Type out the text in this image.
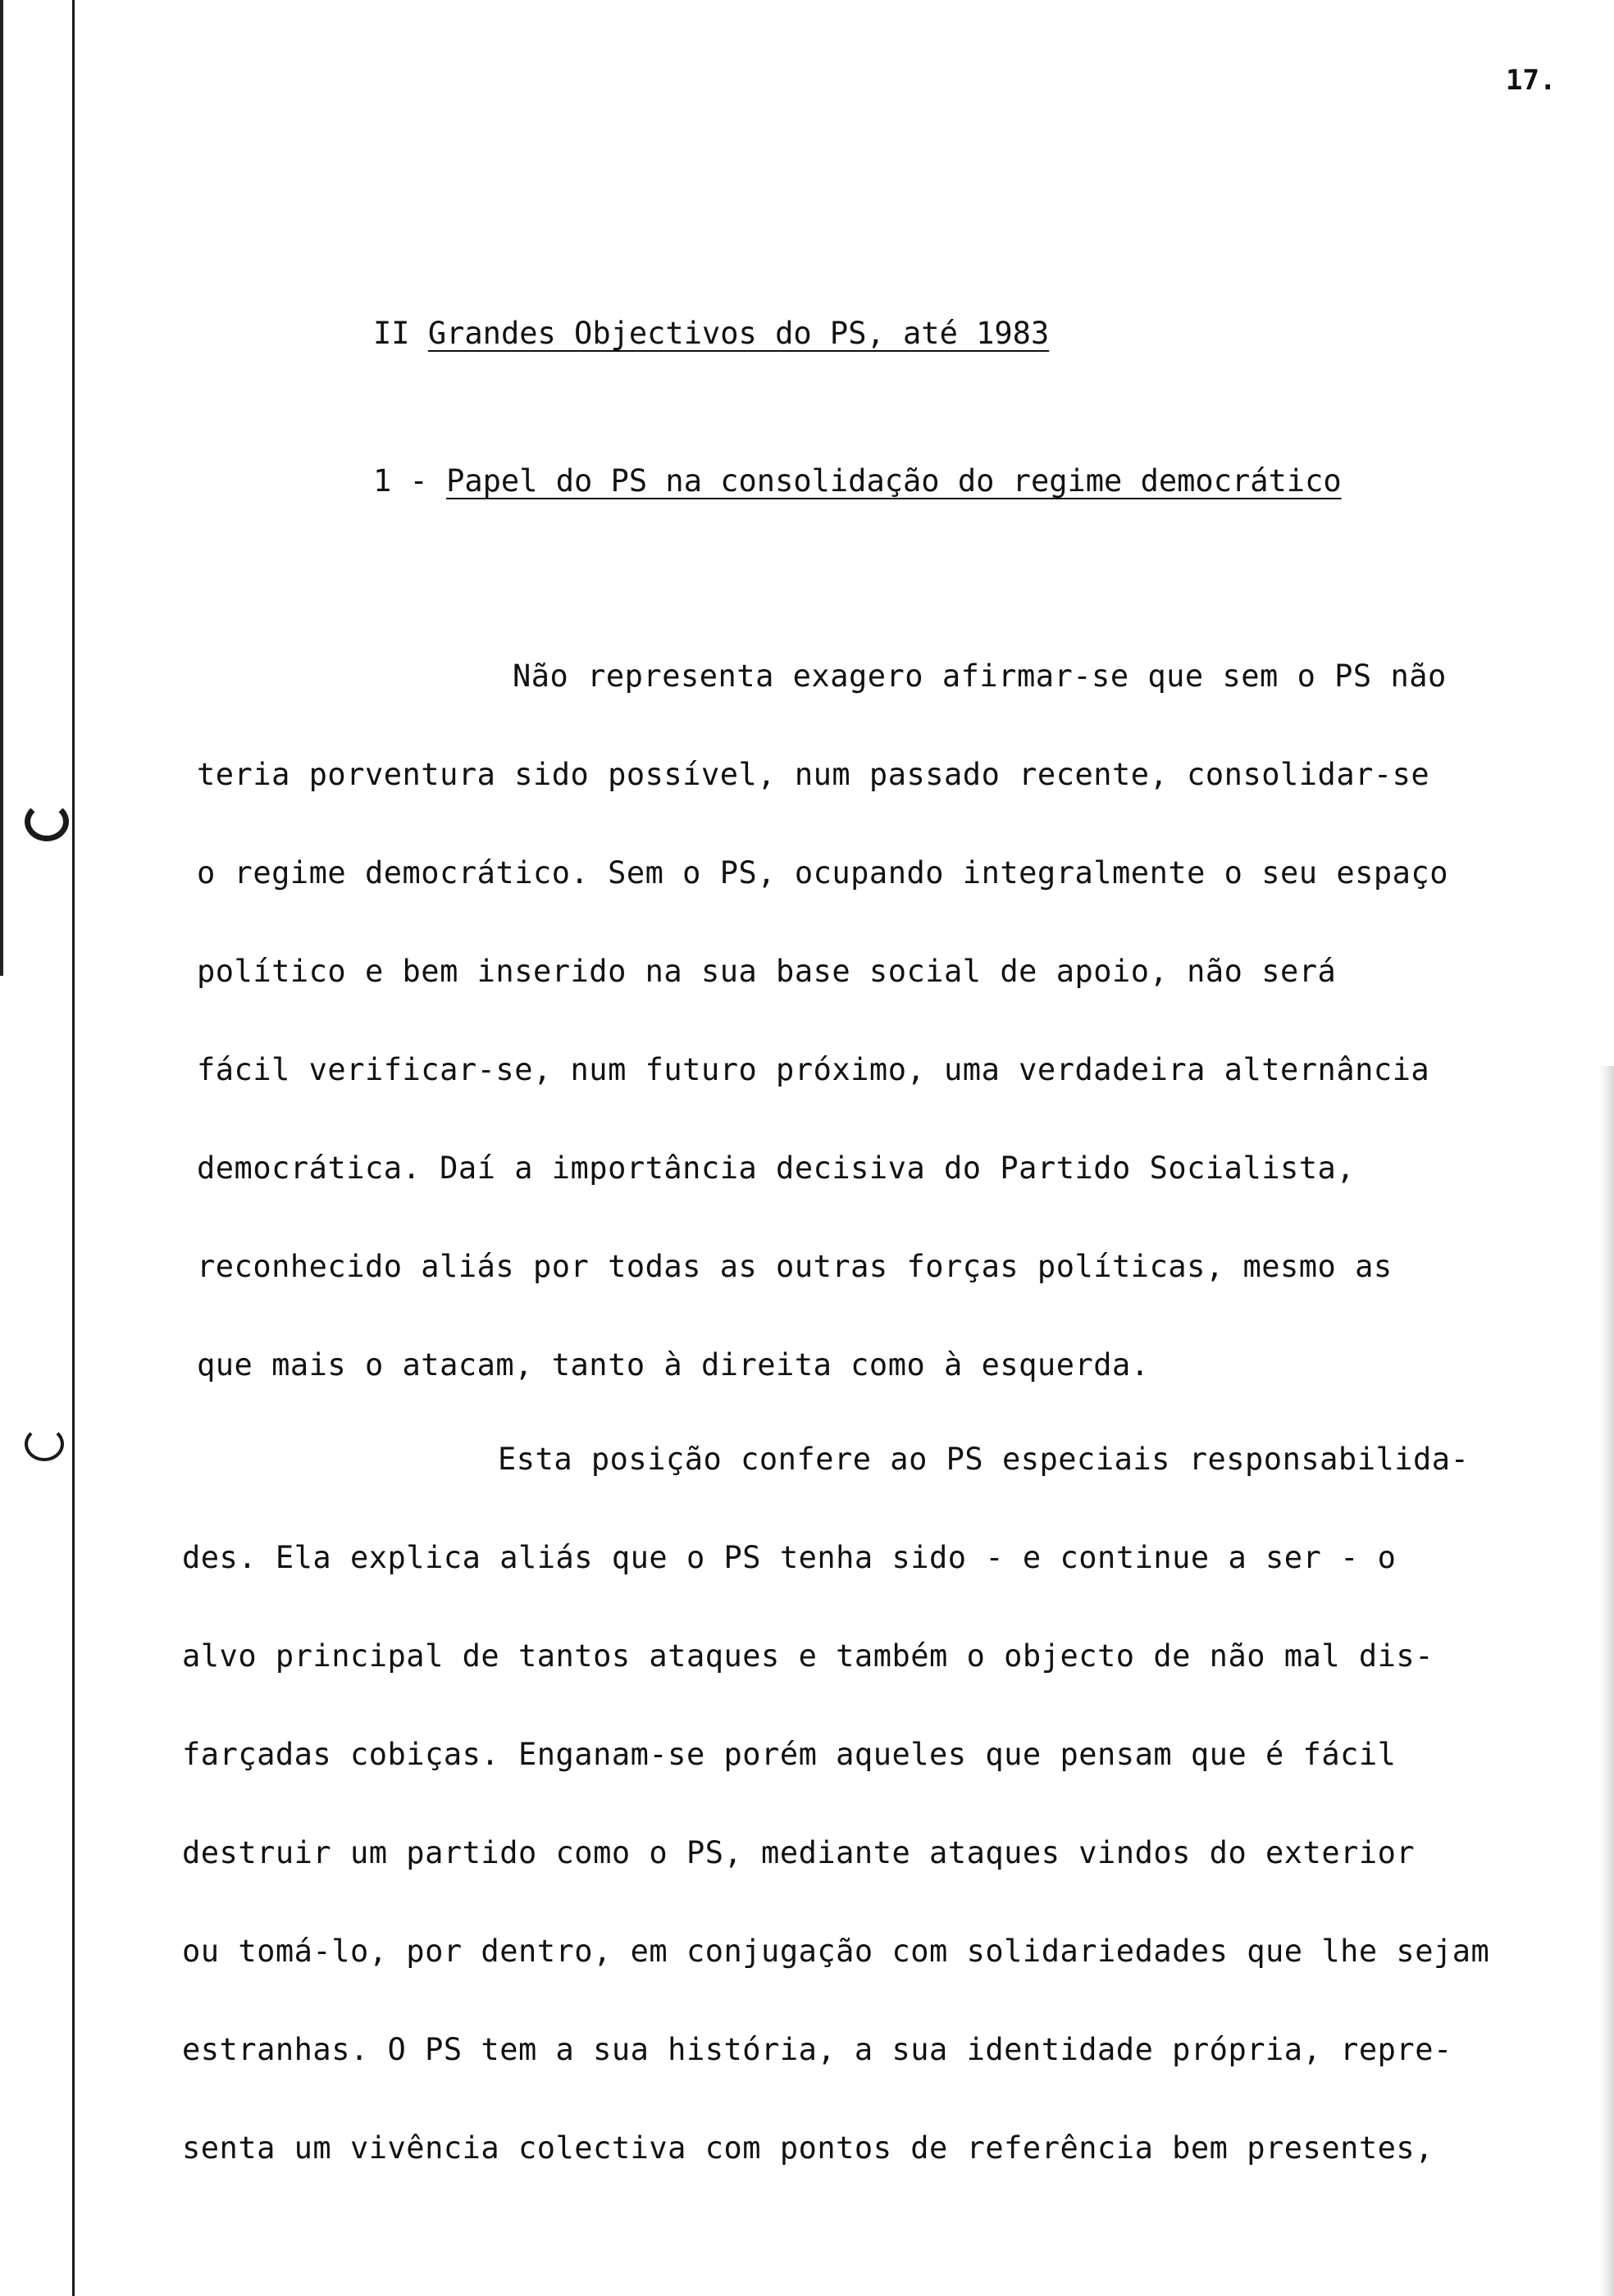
17.
II Grandes Objectivos do PS, até 1983
1 - Papel do PS na consolidação do regime democrático
Não representa exagero afirmar-se que sem o PS não
teria porventura sido possível, num passado recente, consolidar-se
o regime democrático. Sem o PS, ocupando integralmente o seu espaço
político e bem inserido na sua base social de apoio, não será
fácil verificar-se, num futuro próximo, uma verdadeira alternância
democrática. Daí a importância decisiva do Partido Socialista,
reconhecido aliás por todas as outras forças políticas, mesmo as
que mais o atacam, tanto à direita como à esquerda.
Esta posição confere ao PS especiais responsabilida-
des. Ela explica aliás que o PS tenha sido - e continue a ser - o
alvo principal de tantos ataques e também o objecto de não mal dis-
farçadas cobiças. Enganam-se porém aqueles que pensam que é fácil
destruir um partido como o PS, mediante ataques vindos do exterior
ou tomá-lo, por dentro, em conjugação com solidariedades que lhe sejam
estranhas. O PS tem a sua história, a sua identidade própria, repre-
senta um vivência colectiva com pontos de referência bem presentes,
